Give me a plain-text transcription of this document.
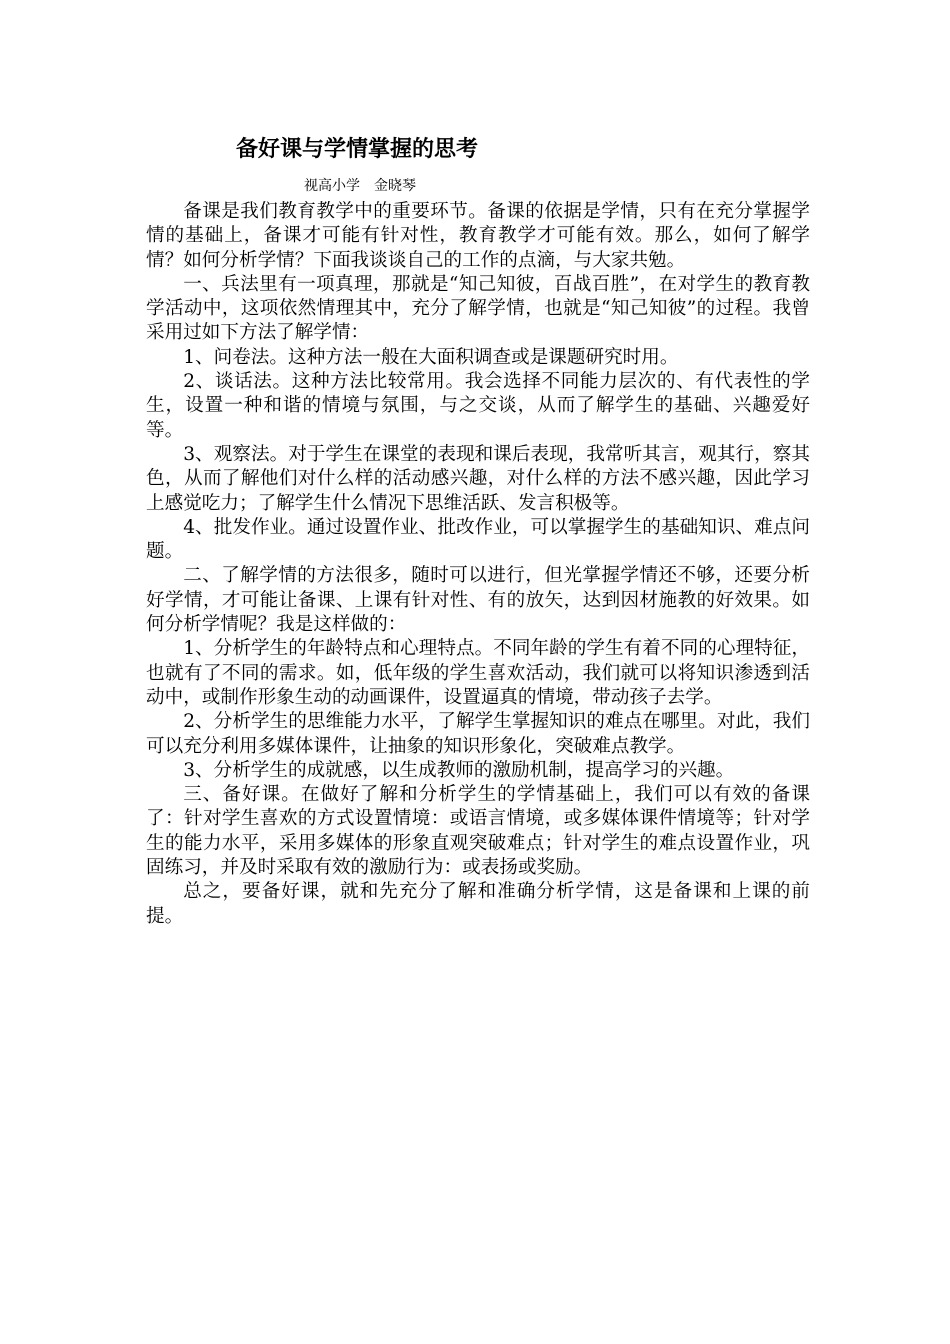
备好课与学情掌握的思考
视高小学　金晓琴

备课是我们教育教学中的重要环节。备课的依据是学情，只有在充分掌握学情的基础上，备课才可能有针对性，教育教学才可能有效。那么，如何了解学情？如何分析学情？下面我谈谈自己的工作的点滴，与大家共勉。

一、兵法里有一项真理，那就是“知己知彼，百战百胜”，在对学生的教育教学活动中，这项依然情理其中，充分了解学情，也就是“知己知彼”的过程。我曾采用过如下方法了解学情：

1、问卷法。这种方法一般在大面积调查或是课题研究时用。

2、谈话法。这种方法比较常用。我会选择不同能力层次的、有代表性的学生，设置一种和谐的情境与氛围，与之交谈，从而了解学生的基础、兴趣爱好等。

3、观察法。对于学生在课堂的表现和课后表现，我常听其言，观其行，察其色，从而了解他们对什么样的活动感兴趣，对什么样的方法不感兴趣，因此学习上感觉吃力；了解学生什么情况下思维活跃、发言积极等。

4、批发作业。通过设置作业、批改作业，可以掌握学生的基础知识、难点问题。

二、了解学情的方法很多，随时可以进行，但光掌握学情还不够，还要分析好学情，才可能让备课、上课有针对性、有的放矢，达到因材施教的好效果。如何分析学情呢？我是这样做的：

1、分析学生的年龄特点和心理特点。不同年龄的学生有着不同的心理特征，也就有了不同的需求。如，低年级的学生喜欢活动，我们就可以将知识渗透到活动中，或制作形象生动的动画课件，设置逼真的情境，带动孩子去学。

2、分析学生的思维能力水平，了解学生掌握知识的难点在哪里。对此，我们可以充分利用多媒体课件，让抽象的知识形象化，突破难点教学。

3、分析学生的成就感，以生成教师的激励机制，提高学习的兴趣。

三、备好课。在做好了解和分析学生的学情基础上，我们可以有效的备课了：针对学生喜欢的方式设置情境：或语言情境，或多媒体课件情境等；针对学生的能力水平，采用多媒体的形象直观突破难点；针对学生的难点设置作业，巩固练习，并及时采取有效的激励行为：或表扬或奖励。

总之，要备好课，就和先充分了解和准确分析学情，这是备课和上课的前提。
